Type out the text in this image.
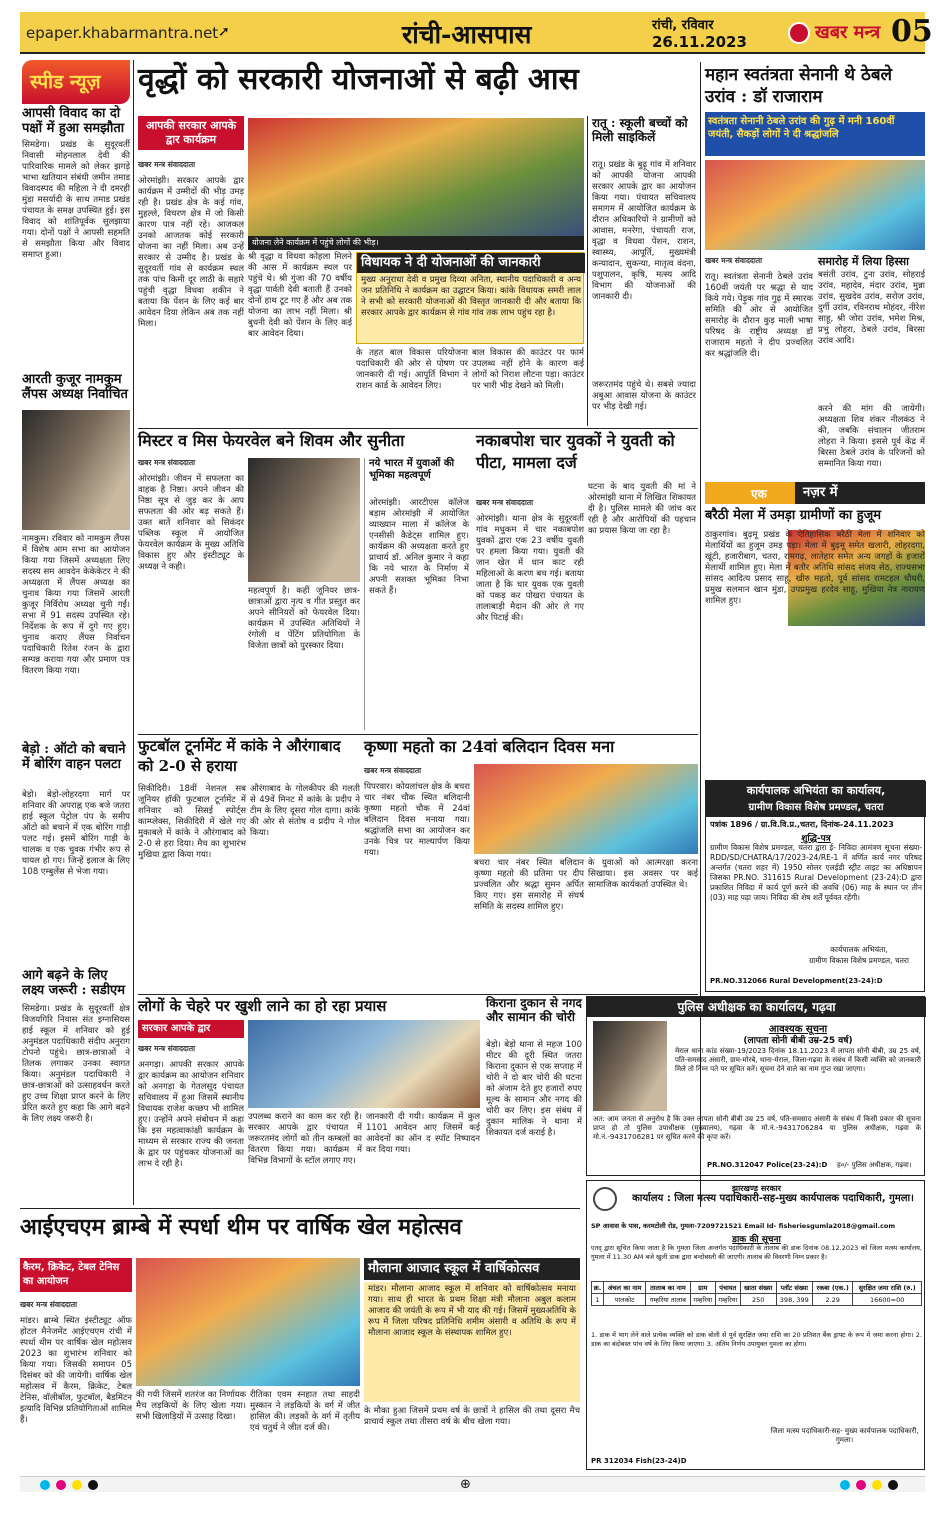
epaper.khabarmantra.net ➚	रांची-आसपास	रांची, रविवार
26.11.2023	खबर मन्त्र 05
स्पीड न्यूज़
आपसी विवाद का दो पक्षों में हुआ समझौता
सिमडेगा। प्रखंड के सुदूरवर्ती निवासी मोहनलाल देवी की पारिवारिक मामले को लेकर झगड़े भाभा खतियान संबंधी जमीन तमाड विवादस्पद की महिला ने दी दमरही मुंडा मसर्यादी के साथ तमाड प्रखंड पंचायत के समक्ष उपस्थित हुई। इस विवाद को शांतिपूर्वक सुलझाया गया। दोनों पक्षों ने आपसी सहमति से समझौता किया और विवाद समाप्त हुआ।
आरती कुजूर नामकुम लैंपस अध्यक्ष निर्वाचित
नामकुम। रविवार को नामकुम लैंपस में विशेष आम सभा का आयोजन किया गया जिसमें अध्यक्षता लिए सदस्य सम आवदेन केकेकेटर ने की अध्यक्षता में लैंपस अध्यक्ष का चुनाव किया गया जिसमें आरती कुजूर निर्विरोध अध्यक्ष चुनी गईं। सभा में 91 सदस्य उपस्थित रहे। निर्देशक के रूप में दुगे गए हुए। चुनाव कराए लैंपस निर्वाचन पदाधिकारी रितेश रंजन के द्वारा सम्पन्न कराया गया और प्रमाण पत्र वितरण किया गया।
बेड़ो : ऑटो को बचाने में बोरिंग वाहन पलटा
बेड़ो। बेड़ो-लोहरदगा मार्ग पर शनिवार की अपराह्न एक बजे जतरा हाई स्कूल पेट्रोल पंप के समीप ऑटो को बचाने में एक बोरिंग गाड़ी पलट गई। इसमें बोरिंग गाड़ी के चालक व एक चुवक गंभीर रूप से घायल हो गए। जिन्हें इलाज के लिए 108 एम्बुलेंस से भेजा गया।
आगे बढ़ने के लिए लक्ष्य जरूरी : सडीएम
सिमडेगा। प्रखंड के सुदूरवर्ती क्षेत्र विजयगिरि निवास संत इग्नासियस हाई स्कूल में शनिवार को हुई अनुमंडल पदाधिकारी संदीप अनुराग टोपनो पहुंचे। छात्र-छात्राओं ने तिलक लगाकर उनका स्वागत किया। अनुमंडल पदाधिकारी ने छात्र-छात्राओं को उत्साहवर्धन करते हुए उच्च शिक्षा प्राप्त करने के लिए प्रेरित करते हुए कहा कि आगे बढ़ने के लिए लक्ष्य जरूरी है।
वृद्धों को सरकारी योजनाओं से बढ़ी आस
आपकी सरकार आपके द्वार कार्यक्रम
खबर मन्त्र संवाददाता
ओरमांझी। सरकार आपके द्वार कार्यक्रम में उम्मीदों की भीड़ उमड़ रही है। प्रखंड क्षेत्र के कई गांव, मुहल्ले, विचरण क्षेत्र में जो किसी कारण पात्र नहीं रहे। आजकल उनको आजतक कोई सरकारी योजना का नहीं मिला। अब उन्हें सरकार से उम्मीद है। प्रखंड के सुदूरवर्ती गांव से कार्यक्रम स्थल तक पांच किमी दूर लाठी के सहारे पहुंची वृद्धा विधवा शकीन ने बताया कि पेंशन के लिए कई बार आवेदन दिया लेकिन अब तक नहीं मिला।
योजना लेने कार्यक्रम में पहुंचे लोगों की भीड़।
श्री वृद्धा व विधवा कोहला मिलने की आस में कार्यक्रम स्थल पर पहुंचे थे। श्री गुंजा की 70 वर्षीय वृद्धा पार्वती देवी बताती हैं उनको दोनों हाथ टूट गए हैं और अब तक योजना का लाभ नहीं मिला। श्री बुधनी देवी को पेंशन के लिए कई बार आवेदन दिया।
विधायक ने दी योजनाओं की जानकारी
मुख्य अनुराधा देवी व प्रमुख दिव्या अनिता, स्थानीय पदाधिकारी व अन्य जन प्रतिनिधि ने कार्यक्रम का उद्घाटन किया। कांके विधायक समरी लाल ने सभी को सरकारी योजनाओं की विस्तृत जानकारी दी और बताया कि सरकार आपके द्वार कार्यक्रम से गांव गांव तक लाभ पहुंच रहा है।
के तहत बाल विकास परियोजना पदाधिकारी की ओर से पोषण पर जानकारी दी गई। आपूर्ति विभाग ने राशन कार्ड के आवेदन लिए।
बाल विकास की काउंटर पर फार्म उपलब्ध नहीं होने के कारण कई लोगों को निराश लौटना पड़ा। काउंटर पर भारी भीड़ देखने को मिली।
रातू : स्कूली बच्चों को मिली साइकिलें
रातू। प्रखंड के बुढ़ू गांव में शनिवार को आपकी योजना आपकी सरकार आपके द्वार का आयोजन किया गया। पंचायत सचिवालय समागम में आयोजित कार्यक्रम के दौरान अधिकारियों ने ग्रामीणों को आवास, मनरेगा, पंचायती राज, वृद्धा व विधवा पेंशन, राशन, स्वास्थ्य, आपूर्ति, मुख्यमंत्री कन्यादान, सुकन्या, मातृत्व वंदना, पशुपालन, कृषि, मत्स्य आदि विभाग की योजनाओं की जानकारी दी।
जरूरतमंद पहुंचे थे। सबसे ज्यादा अबुआ आवास योजना के काउंटर पर भीड़ देखी गई।
महान स्वतंत्रता सेनानी थे ठेबले उरांव : डॉ राजाराम
स्वतंत्रता सेनानी ठेबले उरांव की गुढ़ में मनी 160वीं जयंती, सैकड़ों लोगों ने दी श्रद्धांजलि
खबर मन्त्र संवाददाता
रातू। स्वतंत्रता सेनानी ठेबले उरांव 160वीं जयंती पर श्रद्धा से याद किये गये। पेड़ुक गांव गुढ़ में स्मारक समिति की ओर से आयोजित समारोह के दौरान कुड़ माली भाषा परिषद के राष्ट्रीय अध्यक्ष डॉ राजाराम महतो ने दीप प्रज्वलित कर श्रद्धांजलि दी।
समारोह में लिया हिस्सा
बसंती उरांव, टुना उरांव, सोहराई उरांव, महादेव, मंदार उरांव, मुन्ना उरांव, सुखदेव उरांव, सरोज उरांव, दुर्गी उरांव, रविनराथ मोहंदर, नीरेश साहू, श्री जोरा उरांव, भमेश मिश्र, प्रभु लोहरा, ठेबले उरांव, बिरसा उरांव आदि।
करने की मांग की जायेगी। अध्यक्षता शिव शंकर नीलकंठ ने की, जबकि संचालन जीतराम लोहरा ने किया। इससे पूर्व केंद्र में बिरसा ठेबले उरांव के परिजनों को सम्मानित किया गया।
मिस्टर व मिस फेयरवेल बने शिवम और सुनीता
खबर मन्त्र संवाददाता
ओरमांझी। जीवन में सफलता का वाहक है निष्ठा। अपने जीवन की निष्ठा सूत्र से जुड़ कर के आप सफलता की ओर बढ़ सकते हैं। उक्त बातें शनिवार को सिकंदर पब्लिक स्कूल में आयोजित फेयरवेल कार्यक्रम के मुख्य अतिथि विकास हुए और इंस्टीट्यूट के अध्यक्ष ने कही।
महत्वपूर्ण है। कहीं जूनियर छात्र-छात्राओं द्वारा नृत्य व गीत प्रस्तुत कर अपने सीनियरों को फेयरवेल दिया। कार्यक्रम में उपस्थित अतिथियों ने रंगोली व पेंटिंग प्रतियोगिता के विजेता छात्रों को पुरस्कार दिया।
नये भारत में युवाओं की भूमिका महत्वपूर्ण
ओरमांझी। आरटीएस कॉलेज बड़ाम ओरमांझी में आयोजित व्याख्यान माला में कॉलेज के एनसीसी कैडेट्स शामिल हुए। कार्यक्रम की अध्यक्षता करते हुए प्राचार्य डॉ. अनिल कुमार ने कहा कि नये भारत के निर्माण में अपनी सशक्त भूमिका निभा सकते हैं।
नकाबपोश चार युवकों ने युवती को पीटा, मामला दर्ज
खबर मन्त्र संवाददाता
ओरमांझी। थाना क्षेत्र के सुदूरवर्ती गांव मधुकम में चार नकाबपोश युवकों द्वारा एक 23 वर्षीय युवती पर हमला किया गया। युवती की जान खेत में धान काट रही महिलाओं के करण बच गई। बताया जाता है कि चार युवक एक युवती को पकड़ कर पोखरा पंचायत के तालाबाड़ी मैदान की ओर ले गए और पिटाई की।
घटना के बाद युवती की मां ने ओरमांझी थाना में लिखित शिकायत दी है। पुलिस मामले की जांच कर रही है और आरोपियों की पहचान का प्रयास किया जा रहा है।
एक	नज़र में
बरैठी मेला में उमड़ा ग्रामीणों का हुजूम
ठाकुरगांव। बुढ़मू प्रखंड के ऐतिहासिक बरैठी मेला में शनिवार को मेलार्थियों का हुजूम उमड़ पड़ा। मेला में बुढ़मू समेत खलारी, लोहरदगा, खूंटी, हजारीबाग, चतरा, रामगढ़, लातेहार समेत अन्य जगहों के हजारों मेलार्थी शामिल हुए। मेला में बतौर अतिथि सांसद संजय सेठ, राज्यसभा सांसद आदित्य प्रसाद साहू, खीरु महतो, पूर्व सांसद रामटहल चौधरी, प्रमुख सलमान खान मुंडा, उपप्रमुख हरदेव साहू, मुखिया नेत्र नारायण शामिल हुए।
फुटबॉल टूर्नामेंट में कांके ने औरंगाबाद को 2-0 से हराया
सिकीदिरी। 18वीं नेशनल सब जूनियर हॉकी फुटबाल टूर्नामेंट में शनिवार को सिसई स्पोर्ट्स काम्प्लेक्स, सिकीदिरी में खेले गए मुकाबले में कांके ने औरंगाबाद को 2-0 से हरा दिया। मैच का शुभारंभ मुखिया द्वारा किया गया।
औरंगाबाद के गोलकीपर की गलती से 49वें मिनट में कांके के प्रदीप ने टीम के लिए दूसरा गोल दागा। कांके की ओर से संतोष व प्रदीप ने गोल किया।
कृष्णा महतो का 24वां बलिदान दिवस मना
खबर मन्त्र संवाददाता
पिपरवार। कोयलांचल क्षेत्र के बचरा चार नंबर चौक स्थित बलिदानी कृष्णा महतो चौक में 24वां बलिदान दिवस मनाया गया। श्रद्धांजलि सभा का आयोजन कर उनके चित्र पर माल्यार्पण किया गया।
बचरा चार नंबर स्थित बलिदान कृष्णा महतो की प्रतिमा पर दीप प्रज्वलित और श्रद्धा सुमन अर्पित किए गए। इस समारोह में संघर्ष समिति के सदस्य शामिल हुए।
के युवाओं को आत्मरक्षा करना सिखाया। इस अवसर पर कई सामाजिक कार्यकर्ता उपस्थित थे।
कार्यपालक अभियंता का कार्यालय,
ग्रामीण विकास विशेष प्रमण्डल, चतरा
पत्रांक 1896 / ग्रा.वि.वि.प्र.,चतरा, दिनांक-24.11.2023
शुद्धि-पत्र
ग्रामीण विकास विशेष प्रमण्डल, चतरा द्वारा ई- निविदा आमंत्रण सूचना संख्या-RDD/SD/CHATRA/17/2023-24/RE-1 में वर्णित कार्य नगर परिषद अन्तर्गत (चतरा शहर में) 1950 सोलर एलईडी स्ट्रीट लाइट का अधिष्ठापन जिसका PR.NO. 311615 Rural Development (23-24):D द्वारा प्रकाशित निविदा में कार्य पूर्ण करने की अवधि (06) माह के स्थान पर तीन (03) माह पढ़ा जाय। निविदा की शेष शर्तें पूर्ववत रहेंगी।
कार्यपालक अभियंता,
ग्रामीण विकास विशेष प्रमण्डल, चतरा
PR.NO.312066 Rural Development(23-24):D
लोगों के चेहरे पर खुशी लाने का हो रहा प्रयास
सरकार आपके द्वार
खबर मन्त्र संवाददाता
अनगड़ा। आपकी सरकार आपके द्वार कार्यक्रम का आयोजन शनिवार को अनगड़ा के गेतलसूद पंचायत सचिवालय में हुआ जिसमें स्थानीय विधायक राजेश कच्छप भी शामिल हुए। उन्होंने अपने संबोधन में कहा कि इस महत्वाकांक्षी कार्यक्रम के माध्यम से सरकार राज्य की जनता के द्वार पर पहुंचकर योजनाओं का लाभ दे रही है।
उपलब्ध कराने का काम कर रही है। सरकार आपके द्वार पंचायत में जरूरतमंद लोगों को तीन कम्बलों का वितरण किया गया। कार्यक्रम में विभिन्न विभागों के स्टॉल लगाए गए।
जानकारी दी गयी। कार्यक्रम में कुल 1101 आवेदन आए जिसमें कई आवेदनों का ऑन द स्पॉट निष्पादन कर दिया गया।
किराना दुकान से नगद और सामान की चोरी
बेड़ो। बेड़ो थाना से महज 100 मीटर की दूरी स्थित जतरा किराना दुकान से एक सप्ताह में चोरी ने दो बार चोरी की घटना को अंजाम देते हुए हजारों रुपए मूल्य के सामान और नगद की चोरी कर लिए। इस संबंध में दुकान मालिक ने थाना में शिकायत दर्ज कराई है।
पुलिस अधीक्षक का कार्यालय, गढ़वा
आवश्यक सूचना
(लापता सोनी बीबी उम्र-25 वर्ष)
मेराल थाना कांड संख्या-19/2023 दिनांक 18.11.2023 में लापता सोनी बीबी, उम्र 25 वर्ष, पति-समसाद अंसारी, ग्राम-मोरबे, थाना-मेराल, जिला-गढ़वा के संबंध में किसी व्यक्ति को जानकारी मिले तो निम्न पते पर सूचित करें। सूचना देने वाले का नाम गुप्त रखा जाएगा।
अत: आम जनता से अनुरोध है कि उक्त लापता सोनी बीबी उम्र 25 वर्ष, पति-समसाद अंसारी के संबंध में किसी प्रकार की सूचना प्राप्त हो तो पुलिस उपाधीक्षक (मुख्यालय), गढ़वा के मो.नं.-9431706284 या पुलिस अधीक्षक, गढ़वा के मो.नं.-9431706281 पर सूचित करने की कृपा करें।
PR.NO.312047 Police(23-24):D	ह०/- पुलिस अधीक्षक, गढ़वा।
आईएचएम ब्राम्बे में स्पर्धा थीम पर वार्षिक खेल महोत्सव
कैरम, क्रिकेट, टेबल टेनिस का आयोजन
खबर मन्त्र संवाददाता
मांडर। ब्राम्बे स्थित इंस्टीट्यूट ऑफ होटल मैनेजमेंट आईएचएम रांची में स्पर्धा थीम पर वार्षिक खेल महोत्सव 2023 का शुभारंभ शनिवार को किया गया। जिसकी समापन 05 दिसंबर को की जायेगी। वार्षिक खेल महोत्सव में कैरम, क्रिकेट, टेबल टेनिस, वॉलीबॉल, फुटबॉल, बैडमिंटन इत्यादि विभिन्न प्रतियोगिताओं शामिल हैं।
की गयी जिसमें शतरंज का निर्णायक मैच लड़कियों के लिए खेला गया। सभी खिलाड़ियों में उत्साह दिखा।
रीतिका एवम स्नहात तथा साहदी मुस्कान ने लड़कियों के वर्ग में जीत हासिल की। लड़कों के वर्ग में तृतीय एवं चतुर्थ ने जीत दर्ज की।
मौलाना आजाद स्कूल में वार्षिकोत्सव
मांडर। मौलाना आजाद स्कूल में शनिवार को वार्षिकोत्सव मनाया गया। साथ ही भारत के प्रथम शिक्षा मंत्री मौलाना अबुल कलाम आजाद की जयंती के रूप में भी याद की गई। जिसमें मुख्यअतिथि के रूप में जिला परिषद प्रतिनिधि शमीम अंसारी व अतिथि के रूप में मौलाना आजाद स्कूल के संस्थापक शामिल हुए।
के मौका हुआ जिसमें प्रथम वर्ष के छात्रों ने हासिल की तथा दूसरा मैच प्राचार्य स्कूल तथा तीसरा वर्ष के बीच खेला गया।
झारखण्ड सरकार
कार्यालय : जिला मत्स्य पदाधिकारी-सह-मुख्य कार्यपालक पदाधिकारी, गुमला।
SP आवास के पास, करमटोली रोड, गुमला-7209721521 Email Id- fisheriesgumla2018@gmail.com
डाक की सूचना
एतद् द्वारा सूचित किया जाता है कि गुमला जिला अन्तर्गत पदाधिकारी के तालाब की डाक दिनांक 08.12.2023 को जिला मत्स्य कार्यालय, गुमला में 11.30 AM बजे खुली डाक द्वारा बन्दोबस्ती की जाएगी। तालाब की विवरणी निम्न प्रकार है।
क्र.	अंचल का नाम	तालाब का नाम	ग्राम	पंचायत	खाता संख्या	प्लॉट संख्या	रकबा (एक.)	सुरक्षित जमा राशि (रु.)
1	पालकोट	गम्हरिया तालाब	गम्हरिया	गम्हरिया	250	398, 399	2.29	16600=00
1. डाक में भाग लेने वाले प्रत्येक व्यक्ति को डाक बोली से पूर्व सुरक्षित जमा राशि का 20 प्रतिशत बैंक ड्राफ्ट के रूप में जमा करना होगा। 2. डाक का बंदोबस्त पांच वर्ष के लिए किया जाएगा। 3. अंतिम निर्णय उपायुक्त गुमला का होगा।
जिला मत्स्य पदाधिकारी-सह- मुख्य कार्यपालक पदाधिकारी, गुमला।
PR 312034 Fish(23-24)D
⊕
